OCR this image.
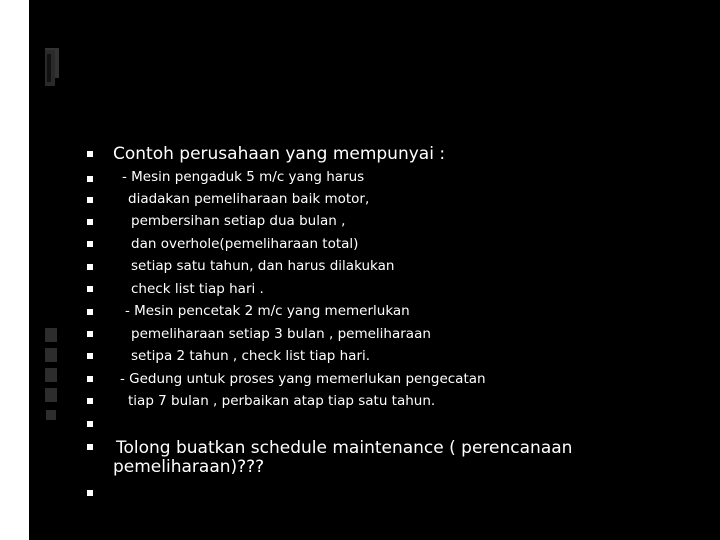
Contoh perusahaan yang mempunyai :
- Mesin pengaduk 5 m/c yang harus
diadakan pemeliharaan baik motor,
pembersihan setiap dua bulan ,
dan overhole(pemeliharaan total)
setiap satu tahun, dan harus dilakukan
check list tiap hari .
- Mesin pencetak 2 m/c yang memerlukan
pemeliharaan setiap 3 bulan , pemeliharaan
setipa 2 tahun , check list tiap hari.
- Gedung untuk proses yang memerlukan pengecatan
tiap 7 bulan , perbaikan atap tiap satu tahun.
Tolong buatkan schedule maintenance ( perencanaan
pemeliharaan)???
